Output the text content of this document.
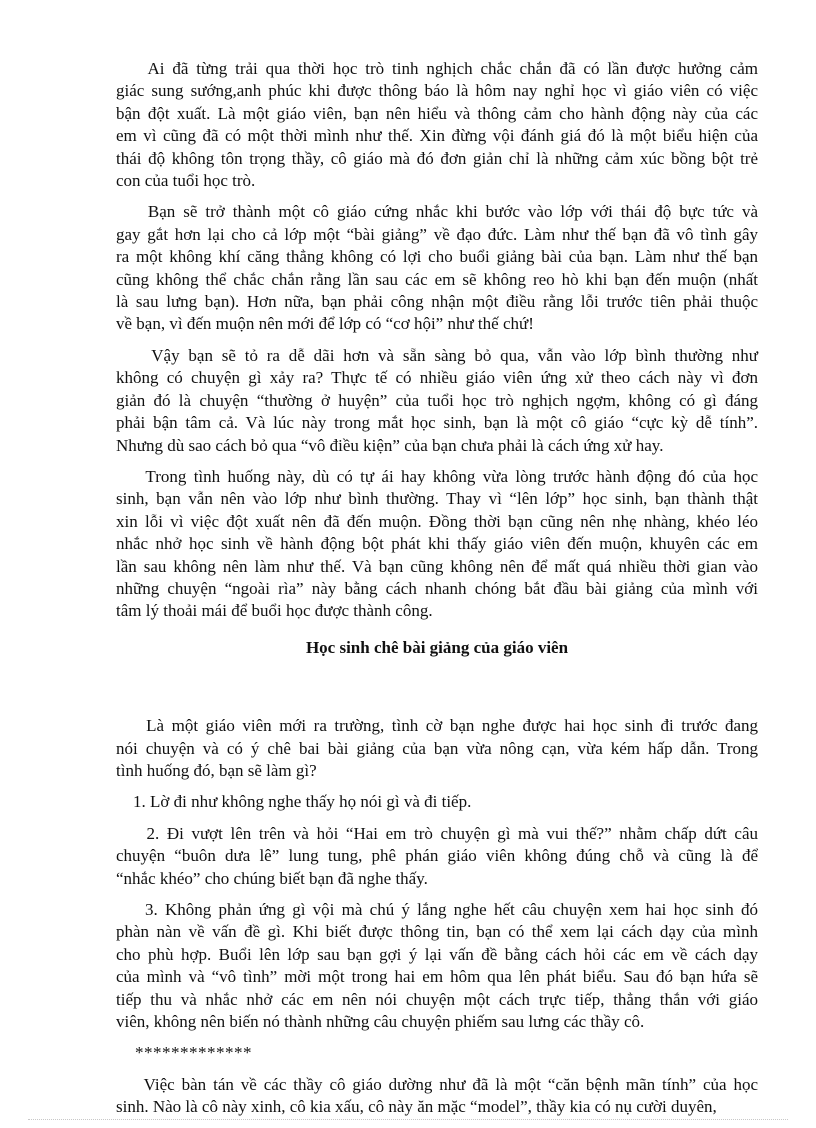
Ai đã từng trải qua thời học trò tinh nghịch chắc chắn đã có lần được hưởng cảm
giác sung sướng,anh phúc khi được thông báo là hôm nay nghỉ học vì giáo viên có việc
bận đột xuất. Là một giáo viên, bạn nên hiểu và thông cảm cho hành động này của các
em vì cũng đã có một thời mình như thế. Xin đừng vội đánh giá đó là một biểu hiện của
thái độ không tôn trọng thầy, cô giáo mà đó đơn giản chỉ là những cảm xúc bồng bột trẻ
con của tuổi học trò.
Bạn sẽ trở thành một cô giáo cứng nhắc khi bước vào lớp với thái độ bực tức và
gay gắt hơn lại cho cả lớp một “bài giảng” về đạo đức. Làm như thế bạn đã vô tình gây
ra một không khí căng thẳng không có lợi cho buổi giảng bài của bạn. Làm như thế bạn
cũng không thể chắc chắn rằng lần sau các em sẽ không reo hò khi bạn đến muộn (nhất
là sau lưng bạn). Hơn nữa, bạn phải công nhận một điều rằng lỗi trước tiên phải thuộc
về bạn, vì đến muộn nên mới để lớp có “cơ hội” như thế chứ!
Vậy bạn sẽ tỏ ra dễ dãi hơn và sẵn sàng bỏ qua, vẫn vào lớp bình thường như
không có chuyện gì xảy ra? Thực tế có nhiều giáo viên ứng xử theo cách này vì đơn
giản đó là chuyện “thường ở huyện” của tuổi học trò nghịch ngợm, không có gì đáng
phải bận tâm cả. Và lúc này trong mắt học sinh, bạn là một cô giáo “cực kỳ dễ tính”.
Nhưng dù sao cách bỏ qua “vô điều kiện” của bạn chưa phải là cách ứng xử hay.
Trong tình huống này, dù có tự ái hay không vừa lòng trước hành động đó của học
sinh, bạn vẫn nên vào lớp như bình thường. Thay vì “lên lớp” học sinh, bạn thành thật
xin lỗi vì việc đột xuất nên đã đến muộn. Đồng thời bạn cũng nên nhẹ nhàng, khéo léo
nhắc nhở học sinh về hành động bột phát khi thấy giáo viên đến muộn, khuyên các em
lần sau không nên làm như thế. Và bạn cũng không nên để mất quá nhiều thời gian vào
những chuyện “ngoài rìa” này bằng cách nhanh chóng bắt đầu bài giảng của mình với
tâm lý thoải mái để buổi học được thành công.
Học sinh chê bài giảng của giáo viên
Là một giáo viên mới ra trường, tình cờ bạn nghe được hai học sinh đi trước đang
nói chuyện và có ý chê bai bài giảng của bạn vừa nông cạn, vừa kém hấp dẫn. Trong
tình huống đó, bạn sẽ làm gì?
1. Lờ đi như không nghe thấy họ nói gì và đi tiếp.
2. Đi vượt lên trên và hỏi “Hai em trò chuyện gì mà vui thế?” nhằm chấp dứt câu
chuyện “buôn dưa lê” lung tung, phê phán giáo viên không đúng chỗ và cũng là để
“nhắc khéo” cho chúng biết bạn đã nghe thấy.
3. Không phản ứng gì vội mà chú ý lắng nghe hết câu chuyện xem hai học sinh đó
phàn nàn về vấn đề gì. Khi biết được thông tin, bạn có thể xem lại cách dạy của mình
cho phù hợp. Buổi lên lớp sau bạn gợi ý lại vấn đề bằng cách hỏi các em về cách dạy
của mình và “vô tình” mời một trong hai em hôm qua lên phát biểu. Sau đó bạn hứa sẽ
tiếp thu và nhắc nhở các em nên nói chuyện một cách trực tiếp, thẳng thắn với giáo
viên, không nên biến nó thành những câu chuyện phiếm sau lưng các thầy cô.
*************
Việc bàn tán về các thầy cô giáo dường như đã là một “căn bệnh mãn tính” của học
sinh. Nào là cô này xinh, cô kia xấu, cô này ăn mặc “model”, thầy kia có nụ cười duyên,
